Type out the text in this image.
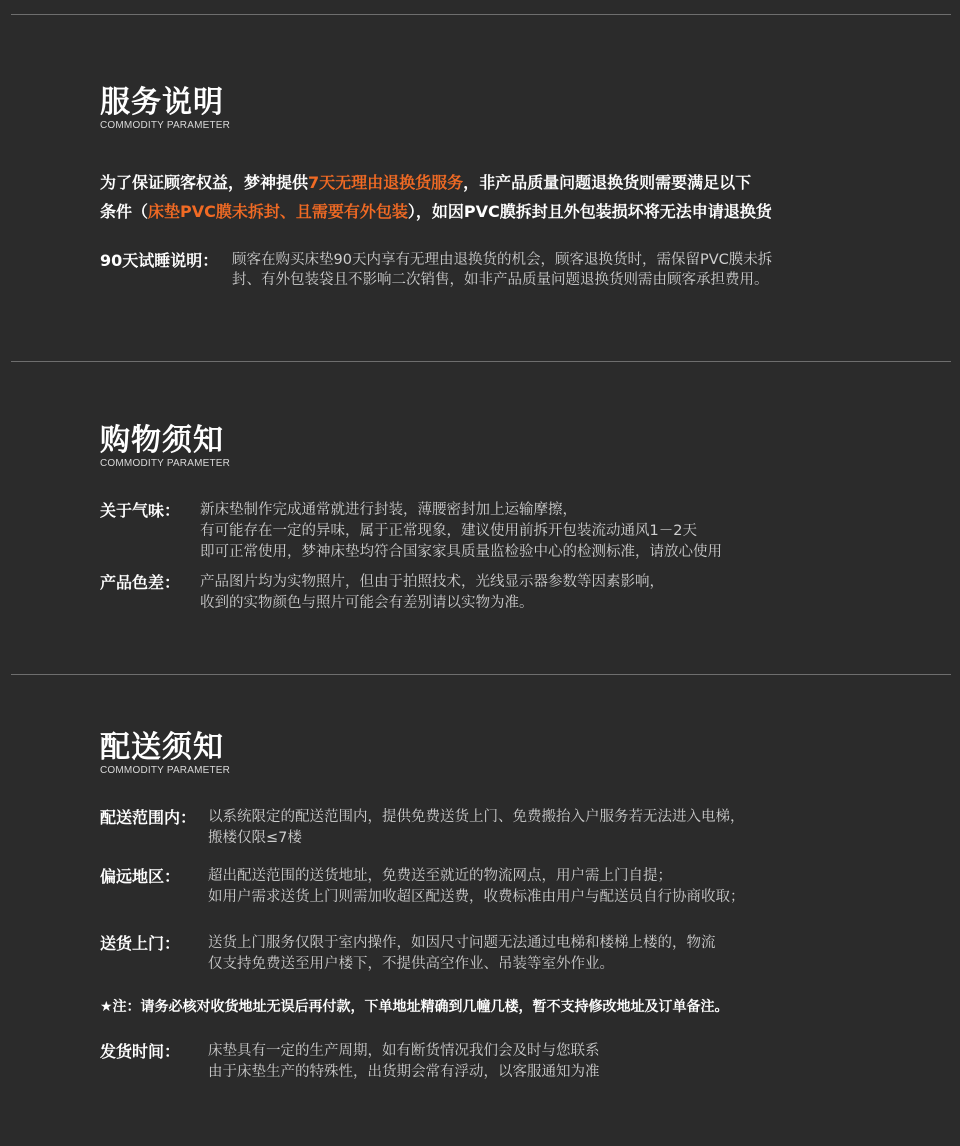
服务说明

COMMODITY PARAMETER

为了保证顾客权益，梦神提供7天无理由退换货服务，非产品质量问题退换货则需要满足以下

条件（床垫PVC膜未拆封、且需要有外包装），如因PVC膜拆封且外包装损坏将无法申请退换货

90天试睡说明： 顾客在购买床垫90天内享有无理由退换货的机会，顾客退换货时，需保留PVC膜未拆
封、有外包装袋且不影响二次销售，如非产品质量问题退换货则需由顾客承担费用。
购物须知

COMMODITY PARAMETER

关于气味：	新床垫制作完成通常就进行封装，薄腰密封加上运输摩擦，
有可能存在一定的异味，属于正常现象，建议使用前拆开包装流动通风1－2天
即可正常使用，梦神床垫均符合国家家具质量监检验中心的检测标准，请放心使用
产品色差：	产品图片均为实物照片，但由于拍照技术，光线显示器参数等因素影响，
收到的实物颜色与照片可能会有差别请以实物为准。
配送须知

COMMODITY PARAMETER

配送范围内： 以系统限定的配送范围内，提供免费送货上门、免费搬抬入户服务若无法进入电梯，
搬楼仅限≤7楼
偏远地区：	超出配送范围的送货地址，免费送至就近的物流网点，用户需上门自提；
如用户需求送货上门则需加收超区配送费，收费标准由用户与配送员自行协商收取；
送货上门：	送货上门服务仅限于室内操作，如因尺寸问题无法通过电梯和楼梯上楼的，物流
仅支持免费送至用户楼下，不提供高空作业、吊装等室外作业。
★注：请务必核对收货地址无误后再付款，下单地址精确到几幢几楼，暂不支持修改地址及订单备注。
发货时间：	床垫具有一定的生产周期，如有断货情况我们会及时与您联系
由于床垫生产的特殊性，出货期会常有浮动，以客服通知为准
